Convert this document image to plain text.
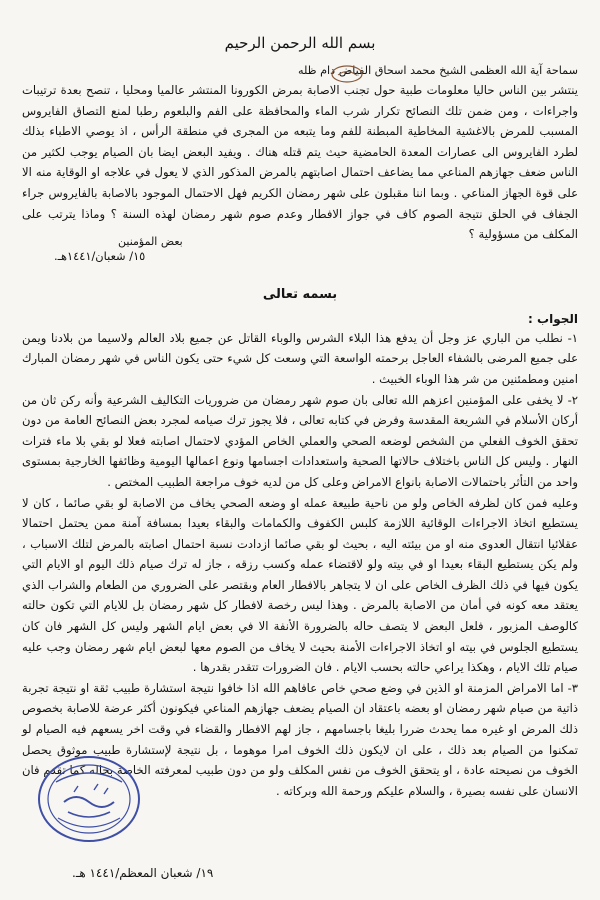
بسم الله الرحمن الرحيم
سماحة آية الله العظمى الشيخ محمد اسحاق الفياض دام ظله

ينتشر بين الناس حاليا معلومات طبية حول تجنب الاصابة بمرض الكورونا المنتشر عالميا ومحليا ، تنصح بعدة ترتيبات واجراءات ، ومن ضمن تلك النصائح تكرار شرب الماء والمحافظة على الفم والبلعوم رطبا لمنع التصاق الفايروس المسبب للمرض بالاغشية المخاطية المبطنة للفم وما يتبعه من المجرى في منطقة الرأس ، اذ يوصي الاطباء بذلك لطرد الفايروس الى عصارات المعدة الحامضية حيث يتم قتله هناك . ويفيد البعض ايضا بان الصيام يوجب لكثير من الناس ضعف جهازهم المناعي مما يضاعف احتمال اصابتهم بالمرض المذكور الذي لا يعول في علاجه او الوقاية منه الا على قوة الجهاز المناعي . وبما اننا مقبلون على شهر رمضان الكريم فهل الاحتمال الموجود بالاصابة بالفايروس جراء الجفاف في الحلق نتيجة الصوم كاف في جواز الافطار وعدم صوم شهر رمضان لهذه السنة ؟ وماذا يترتب على المكلف من مسؤولية ؟

بعض المؤمنين
١٥/ شعبان/١٤٤١هـ.
بسمه تعالى
الجواب :

١- نطلب من الباري عز وجل أن يدفع هذا البلاء الشرس والوباء القاتل عن جميع بلاد العالم ولاسيما من بلادنا ويمن على جميع المرضى بالشفاء العاجل برحمته الواسعة التي وسعت كل شيء حتى يكون الناس في شهر رمضان المبارك امنين ومطمئنين من شر هذا الوباء الخبيث .

٢- لا يخفى على المؤمنين اعزهم الله تعالى بان صوم شهر رمضان من ضروريات التكاليف الشرعية وأنه ركن ثان من أركان الأسلام في الشريعة المقدسة وفرض في كتابه تعالى ، فلا يجوز ترك صيامه لمجرد بعض النصائح العامة من دون تحقق الخوف الفعلي من الشخص لوضعه الصحي والعملي الخاص المؤدي لاحتمال اصابته فعلا لو بقي بلا ماء فترات النهار . وليس كل الناس باختلاف حالاتها الصحية واستعدادات اجسامها ونوع اعمالها اليومية وظائفها الخارجية بمستوى واحد من التأثر باحتمالات الاصابة بانواع الامراض وعلى كل من لديه خوف مراجعة الطبيب المختص .

وعليه فمن كان لظرفه الخاص ولو من ناحية طبيعة عمله او وضعه الصحي يخاف من الاصابة لو بقي صائما ، كان لا يستطيع اتخاذ الاجراءات الوقائية اللازمة كلبس الكفوف والكمامات والبقاء بعيدا بمسافة آمنة ممن يحتمل احتمالا عقلائيا انتقال العدوى منه او من بيئته اليه ، بحيث لو بقي صائما ازدادت نسبة احتمال اصابته بالمرض لتلك الاسباب ، ولم يكن يستطيع البقاء بعيدا او في بيته ولو لاقتضاء عمله وكسب رزقه ، جاز له ترك صيام ذلك اليوم او الايام التي يكون فيها في ذلك الظرف الخاص على ان لا يتجاهر بالافطار العام وبقتصر على الضروري من الطعام والشراب الذي يعتقد معه كونه في أمان من الاصابة بالمرض . وهذا ليس رخصة لافطار كل شهر رمضان بل للايام التي تكون حالته كالوصف المزبور ، فلعل البعض لا يتصف حاله بالضرورة الأنفة الا في بعض ايام الشهر وليس كل الشهر فان كان يستطيع الجلوس في بيته او اتخاذ الاجراءات الأمنة بحيث لا يخاف من الصوم معها لبعض ايام شهر رمضان وجب عليه صيام تلك الايام ، وهكذا يراعي حالته بحسب الايام . فان الضرورات تتقدر بقدرها .

٣- اما الامراض المزمنة او الذين في وضع صحي خاص عافاهم الله اذا خافوا نتيجة استشارة طبيب ثقة او نتيجة تجربة ذاتية من صيام شهر رمضان او بعضه باعتقاد ان الصيام يضعف جهازهم المناعي فيكونون أكثر عرضة للاصابة بخصوص ذلك المرض او غيره مما يحدث ضررا بليغا باجسامهم ، جاز لهم الافطار والقضاء في وقت اخر يسعهم فيه الصيام لو تمكنوا من الصيام بعد ذلك ، على ان لايكون ذلك الخوف امرا موهوما ، بل نتيجة لإستشارة طبيب موثوق يحصل الخوف من نصيحته عادة ، او يتحقق الخوف من نفس المكلف ولو من دون طبيب لمعرفته الخاصة بحاله كما تقدم فان الانسان على نفسه بصيرة ، والسلام عليكم ورحمة الله وبركاته .

١٩/ شعبان المعظم/١٤٤١ هـ.
